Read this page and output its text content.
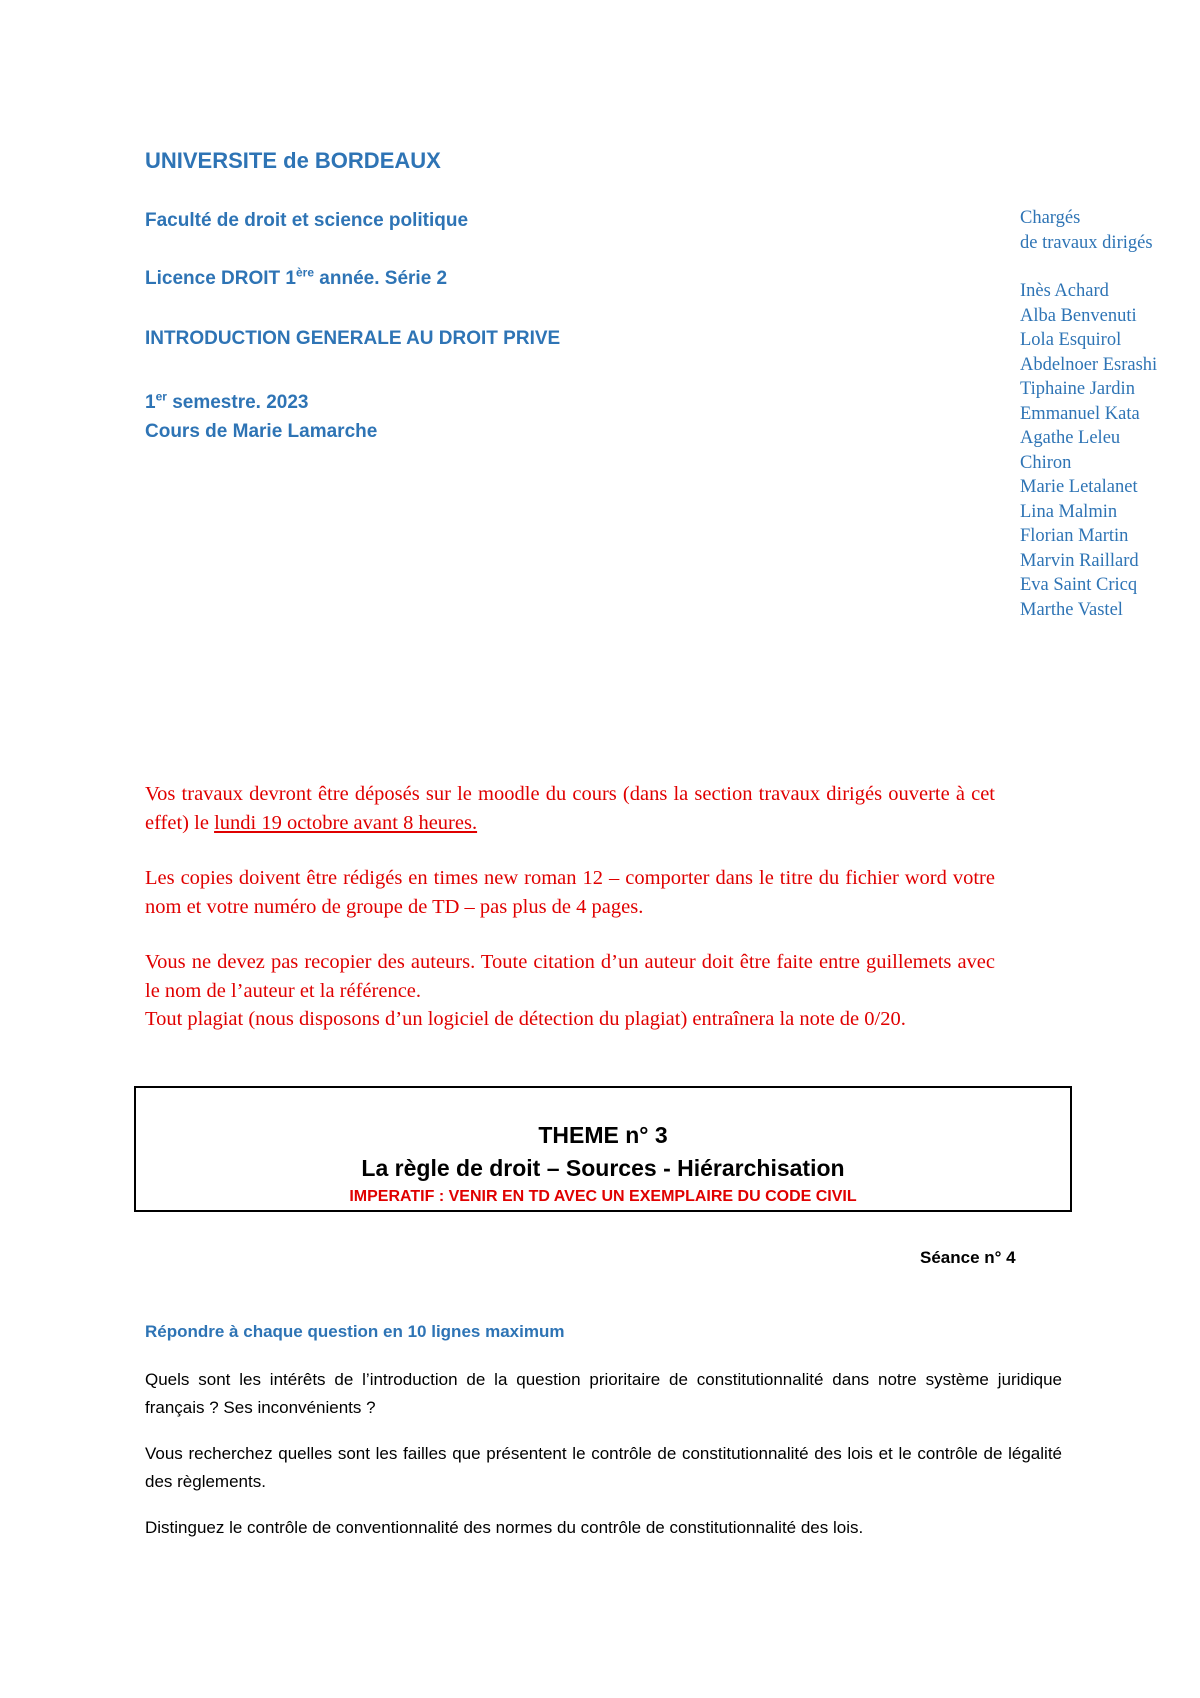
UNIVERSITE de BORDEAUX
Faculté de droit et science politique
Licence DROIT 1ère année. Série 2
INTRODUCTION GENERALE AU DROIT PRIVE
1er semestre. 2023
Cours de Marie Lamarche
Chargés
de travaux dirigés
Inès Achard
Alba Benvenuti
Lola Esquirol
Abdelnoer Esrashi
Tiphaine Jardin
Emmanuel Kata
Agathe Leleu
Chiron
Marie Letalanet
Lina Malmin
Florian Martin
Marvin Raillard
Eva Saint Cricq
Marthe Vastel

Vos travaux devront être déposés sur le moodle du cours (dans la section travaux dirigés ouverte à cet effet) le lundi 19 octobre avant 8 heures.

Les copies doivent être rédigés en times new roman 12 – comporter dans le titre du fichier word votre nom et votre numéro de groupe de TD – pas plus de 4 pages.

Vous ne devez pas recopier des auteurs. Toute citation d’un auteur doit être faite entre guillemets avec le nom de l’auteur et la référence.

Tout plagiat (nous disposons d’un logiciel de détection du plagiat) entraînera la note de 0/20.

THEME n° 3
La règle de droit – Sources - Hiérarchisation
IMPERATIF : VENIR EN TD AVEC UN EXEMPLAIRE DU CODE CIVIL
Séance n° 4
Répondre à chaque question en 10 lignes maximum

Quels sont les intérêts de l’introduction de la question prioritaire de constitutionnalité dans notre système juridique français ? Ses inconvénients ?

Vous recherchez quelles sont les failles que présentent le contrôle de constitutionnalité des lois et le contrôle de légalité des règlements.

Distinguez le contrôle de conventionnalité des normes du contrôle de constitutionnalité des lois.
